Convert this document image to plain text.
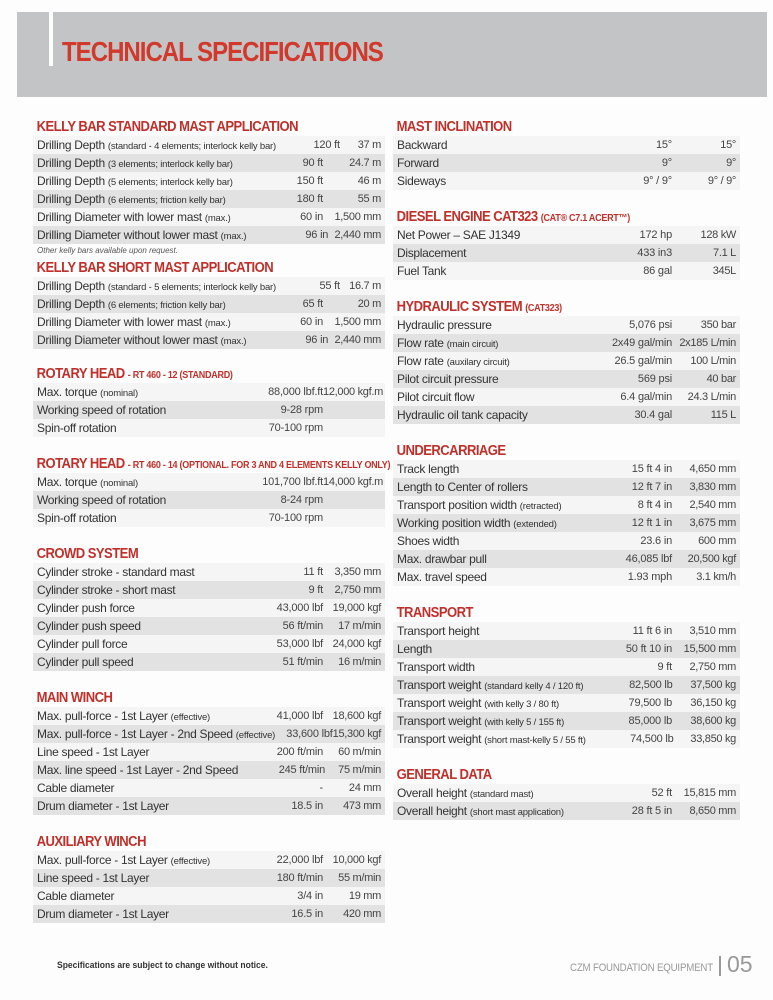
TECHNICAL SPECIFICATIONS
KELLY BAR STANDARD MAST APPLICATION
Drilling Depth (standard - 4 elements; interlock kelly bar)	120 ft	37 m
Drilling Depth (3 elements; interlock kelly bar)	90 ft	24.7 m
Drilling Depth (5 elements; interlock kelly bar)	150 ft	46 m
Drilling Depth (6 elements; friction kelly bar)	180 ft	55 m
Drilling Diameter with lower mast (max.)	60 in	1,500 mm
Drilling Diameter without lower mast (max.)	96 in 2,440 mm
Other kelly bars available upon request.
KELLY BAR SHORT MAST APPLICATION
Drilling Depth (standard - 5 elements; interlock kelly bar)	55 ft 16.7 m
Drilling Depth (6 elements; friction kelly bar)	65 ft	20 m
Drilling Diameter with lower mast (max.)	60 in	1,500 mm
Drilling Diameter without lower mast (max.)	96 in 2,440 mm
ROTARY HEAD - RT 460 - 12 (STANDARD)
Max. torque (nominal)	88,000 lbf.ft 12,000 kgf.m
Working speed of rotation	9-28 rpm
Spin-off rotation	70-100 rpm
ROTARY HEAD - RT 460 - 14 (OPTIONAL. FOR 3 AND 4 ELEMENTS KELLY ONLY)
Max. torque (nominal)	101,700 lbf.ft 14,000 kgf.m
Working speed of rotation	8-24 rpm
Spin-off rotation	70-100 rpm
CROWD SYSTEM
Cylinder stroke - standard mast	11 ft	3,350 mm
Cylinder stroke - short mast	9 ft	2,750 mm
Cylinder push force	43,000 lbf 19,000 kgf
Cylinder push speed	56 ft/min	17 m/min
Cylinder pull force	53,000 lbf 24,000 kgf
Cylinder pull speed	51 ft/min	16 m/min
MAIN WINCH
Max. pull-force - 1st Layer (effective)	41,000 lbf 18,600 kgf
Max. pull-force - 1st Layer - 2nd Speed (effective)	33,600 lbf 15,300 kgf
Line speed - 1st Layer	200 ft/min	60 m/min
Max. line speed - 1st Layer - 2nd Speed	245 ft/min	75 m/min
Cable diameter	-	24 mm
Drum diameter - 1st Layer	18.5 in	473 mm
AUXILIARY WINCH
Max. pull-force - 1st Layer (effective)	22,000 lbf 10,000 kgf
Line speed - 1st Layer	180 ft/min	55 m/min
Cable diameter	3/4 in	19 mm
Drum diameter - 1st Layer	16.5 in	420 mm
MAST INCLINATION
Backward	15°	15°
Forward	9°	9°
Sideways	9° / 9°	9° / 9°
DIESEL ENGINE CAT323 (CAT® C7.1 ACERT™)
Net Power – SAE J1349	172 hp	128 kW
Displacement	433 in3	7.1 L
Fuel Tank	86 gal	345L
HYDRAULIC SYSTEM (CAT323)
Hydraulic pressure	5,076 psi	350 bar
Flow rate (main circuit)	2x49 gal/min 2x185 L/min
Flow rate (auxilary circuit)	26.5 gal/min	100 L/min
Pilot circuit pressure	569 psi	40 bar
Pilot circuit flow	6.4 gal/min	24.3 L/min
Hydraulic oil tank capacity	30.4 gal	115 L
UNDERCARRIAGE
Track length	15 ft 4 in	4,650 mm
Length to Center of rollers	12 ft 7 in	3,830 mm
Transport position width (retracted)	8 ft 4 in	2,540 mm
Working position width (extended)	12 ft 1 in	3,675 mm
Shoes width	23.6 in	600 mm
Max. drawbar pull	46,085 lbf	20,500 kgf
Max. travel speed	1.93 mph	3.1 km/h
TRANSPORT
Transport height	11 ft 6 in	3,510 mm
Length	50 ft 10 in	15,500 mm
Transport width	9 ft	2,750 mm
Transport weight (standard kelly 4 / 120 ft)	82,500 lb	37,500 kg
Transport weight (with kelly 3 / 80 ft)	79,500 lb	36,150 kg
Transport weight (with kelly 5 / 155 ft)	85,000 lb	38,600 kg
Transport weight (short mast-kelly 5 / 55 ft)	74,500 lb	33,850 kg
GENERAL DATA
Overall height (standard mast)	52 ft	15,815 mm
Overall height (short mast application)	28 ft 5 in	8,650 mm
Specifications are subject to change without notice.	CZM FOUNDATION EQUIPMENT 05
